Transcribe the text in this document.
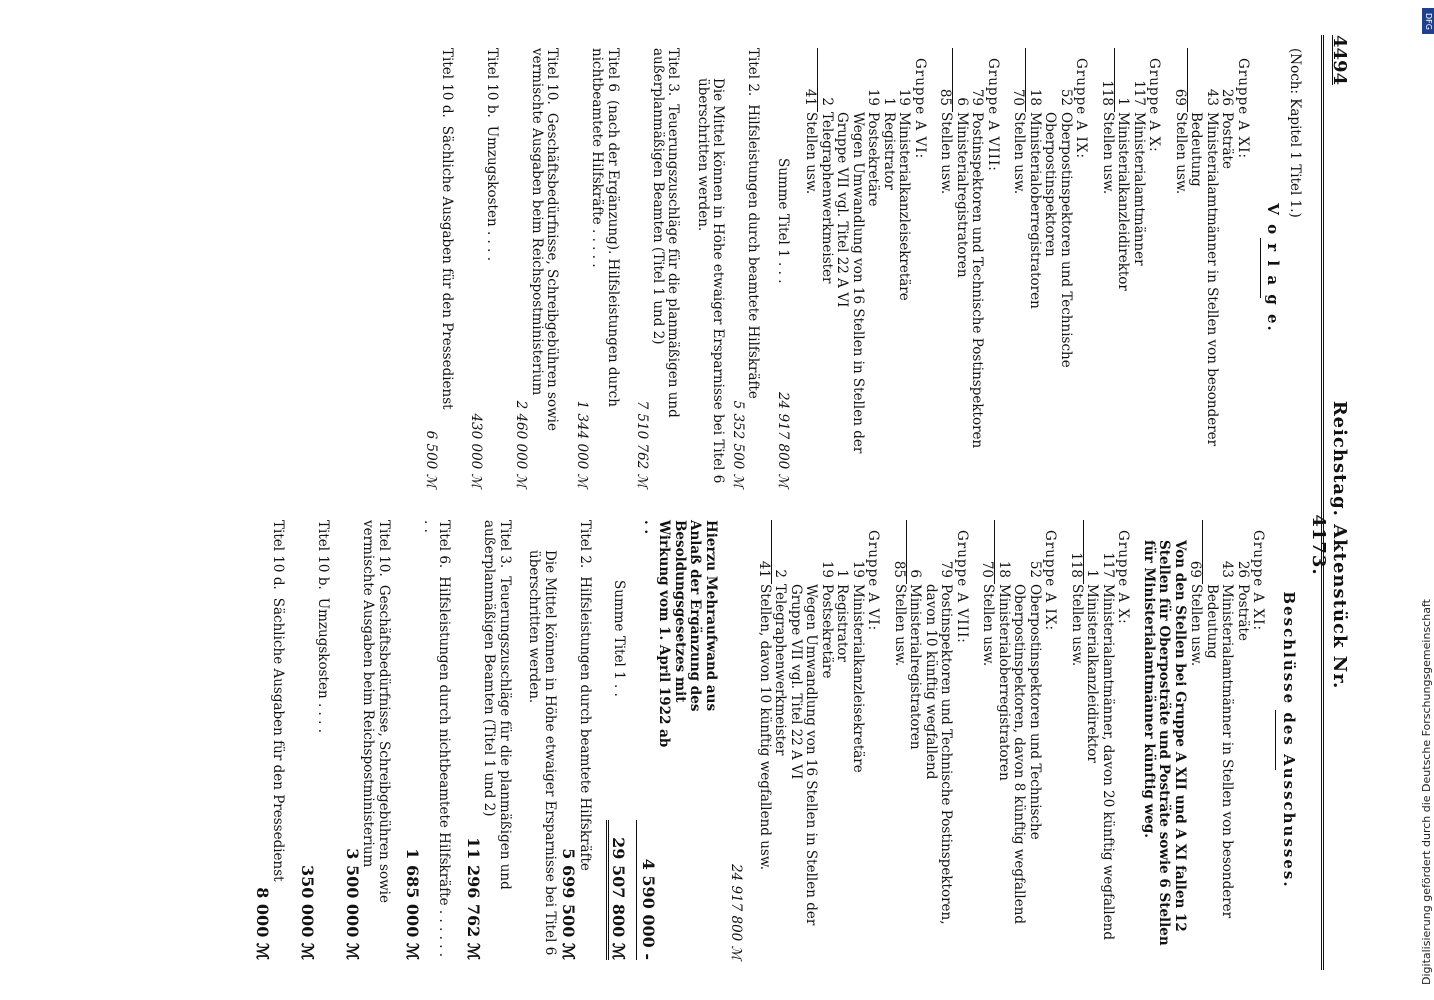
Digitalisierung gefördert durch die Deutsche Forschungsgemeinschaft
DFG
4494
Reichstag. Aktenstück Nr. 4173.
(Noch: Kapitel 1 Titel 1.)
V o r l a g e.
Gruppe A XI:
26
Posträte
43
Ministerialamtmänner in Stellen von besonderer Bedeutung
69
Stellen usw.
Gruppe A X:
117
Ministerialamtmänner
1
Ministerialkanzleidirektor
118
Stellen usw.
Gruppe A IX:
52
Oberpostinspektoren und Technische Oberpostinspektoren
18
Ministerialoberregistratoren
70
Stellen usw.
Gruppe A VIII:
79
Postinspektoren und Technische Postinspektoren
6
Ministerialregistratoren
85
Stellen usw.
Gruppe A VI:
19
Ministerialkanzleisekretäre
1
Registrator
19
Postsekretäre
Wegen Umwandlung von 16 Stellen in Stellen der Gruppe VII vgl. Titel 22 A VI
2
Telegraphenwerkmeister
41
Stellen usw.
Summe Titel 1 . . .
24 917 800 ℳ
Titel 2.Hilfsleistungen durch beamtete Hilfskräfte
5 352 500 ℳ
Die Mittel können in Höhe etwaiger Ersparnisse bei Titel 6 überschritten werden.
Titel 3.Teuerungszuschläge für die planmäßigen und außerplanmäßigen Beamten (Titel 1 und 2)
7 510 762 ℳ
Titel 6(nach der Ergänzung). Hilfsleistungen durch nichtbeamtete Hilfskräfte . . . . .
1 344 000 ℳ
Titel 10.Geschäftsbedürfnisse, Schreibgebühren sowie vermischte Ausgaben beim Reichspostministerium
2 460 000 ℳ
Titel 10 b.Umzugskosten . . . .
430 000 ℳ
Titel 10 d.Sächliche Ausgaben für den Pressedienst
6 500 ℳ
Beschlüsse des Ausschusses.
Gruppe A XI:
26
Posträte
43
Ministerialamtmänner in Stellen von besonderer Bedeutung
69
Stellen usw.
Von den Stellen bei Gruppe A XII und A XI fallen 12 Stellen für Oberposträte und Posträte sowie 6 Stellen für Ministerialamtmänner künftig weg.
Gruppe A X:
117
Ministerialamtmänner, davon 20 künftig wegfallend
1
Ministerialkanzleidirektor
118
Stellen usw.
Gruppe A IX:
52
Oberpostinspektoren und Technische Oberpostinspektoren, davon 8 künftig wegfallend
18
Ministerialoberregistratoren
70
Stellen usw.
Gruppe A VIII:
79
Postinspektoren und Technische Postinspektoren, davon 10 künftig wegfallend
6
Ministerialregistratoren
85
Stellen usw.
Gruppe A VI:
19
Ministerialkanzleisekretäre
1
Registrator
19
Postsekretäre
Wegen Umwandlung von 16 Stellen in Stellen der Gruppe VII vgl. Titel 22 A VI
2
Telegraphenwerkmeister
41
Stellen, davon 10 künftig wegfallend usw.
24 917 800 ℳ
Hierzu Mehraufwand aus Anlaß der Ergänzung des Besoldungsgesetzes mit Wirkung vom 1. April 1922 ab . .
4 590 000 -
Summe Titel 1 . .
29 507 800 ℳ
Titel 2.Hilfsleistungen durch beamtete Hilfskräfte
5 699 500 ℳ
Die Mittel können in Höhe etwaiger Ersparnisse bei Titel 6 überschritten werden.
Titel 3.Teuerungszuschläge für die planmäßigen und außerplanmäßigen Beamten (Titel 1 und 2)
11 296 762 ℳ
Titel 6.Hilfsleistungen durch nichtbeamtete Hilfskräfte . . . . . . . .
1 685 000 ℳ
Titel 10.Geschäftsbedürfnisse, Schreibgebühren sowie vermischte Ausgaben beim Reichspostministerium
3 500 000 ℳ
Titel 10 b.Umzugskosten . . . .
350 000 ℳ
Titel 10 d.Sächliche Ausgaben für den Pressedienst
8 000 ℳ
